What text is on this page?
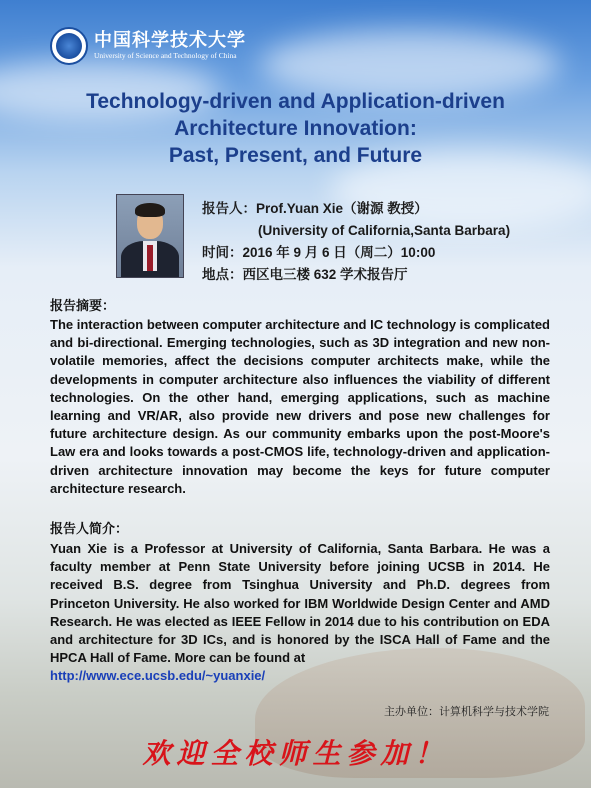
中国科学技术大学
University of Science and Technology of China
Technology-driven and Application-driven
Architecture Innovation:
Past, Present, and Future
报告人：Prof.Yuan Xie（谢源 教授）
(University of California,Santa Barbara)
时间：2016 年 9 月 6 日（周二）10:00
地点：西区电三楼 632 学术报告厅
报告摘要：
The interaction between computer architecture and IC technology is complicated and bi-directional. Emerging technologies, such as 3D integration and new non-volatile memories, affect the decisions computer architects make, while the developments in computer architecture also influences the viability of different technologies. On the other hand, emerging applications, such as machine learning and VR/AR, also provide new drivers and pose new challenges for future architecture design. As our community embarks upon the post-Moore's Law era and looks towards a post-CMOS life, technology-driven and application-driven architecture innovation may become the keys for future computer architecture research.
报告人简介：
Yuan Xie is a Professor at University of California, Santa Barbara. He was a faculty member at Penn State University before joining UCSB in 2014. He received B.S. degree from Tsinghua University and Ph.D. degrees from Princeton University. He also worked for IBM Worldwide Design Center and AMD Research. He was elected as IEEE Fellow in 2014 due to his contribution on EDA and architecture for 3D ICs, and is honored by the ISCA Hall of Fame and the HPCA Hall of Fame. More can be found at
http://www.ece.ucsb.edu/~yuanxie/
主办单位：计算机科学与技术学院
欢迎全校师生参加！
